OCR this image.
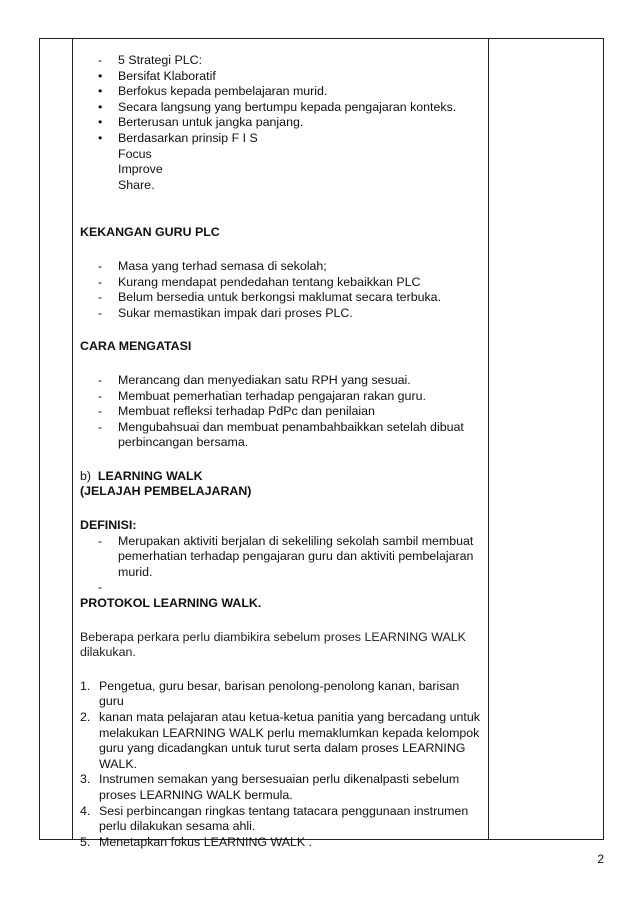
- 5 Strategi PLC:
• Bersifat Klaboratif
• Berfokus kepada pembelajaran murid.
• Secara langsung yang bertumpu kepada pengajaran konteks.
• Berterusan untuk jangka panjang.
• Berdasarkan prinsip F I S
Focus
Improve
Share.
KEKANGAN GURU PLC
- Masa yang terhad semasa di sekolah;
- Kurang mendapat pendedahan tentang kebaikkan PLC
- Belum bersedia untuk berkongsi maklumat secara terbuka.
- Sukar memastikan impak dari proses PLC.
CARA MENGATASI
- Merancang dan menyediakan satu RPH yang sesuai.
- Membuat pemerhatian terhadap pengajaran rakan guru.
- Membuat refleksi terhadap PdPc dan penilaian
- Mengubahsuai dan membuat penambahbaikkan setelah dibuat perbincangan bersama.
b) LEARNING WALK
(JELAJAH PEMBELAJARAN)
DEFINISI:
- Merupakan aktiviti berjalan di sekeliling sekolah sambil membuat pemerhatian terhadap pengajaran guru dan aktiviti pembelajaran murid.
-

PROTOKOL LEARNING WALK.
Beberapa perkara perlu diambikira sebelum proses LEARNING WALK dilakukan.
1. Pengetua, guru besar, barisan penolong-penolong kanan, barisan guru
2. kanan mata pelajaran atau ketua-ketua panitia yang bercadang untuk melakukan LEARNING WALK perlu memaklumkan kepada kelompok guru yang dicadangkan untuk turut serta dalam proses LEARNING WALK.
3. Instrumen semakan yang bersesuaian perlu dikenalpasti sebelum proses LEARNING WALK bermula.
4. Sesi perbincangan ringkas tentang tatacara penggunaan instrumen perlu dilakukan sesama ahli.
5. Menetapkan fokus LEARNING WALK .
2
